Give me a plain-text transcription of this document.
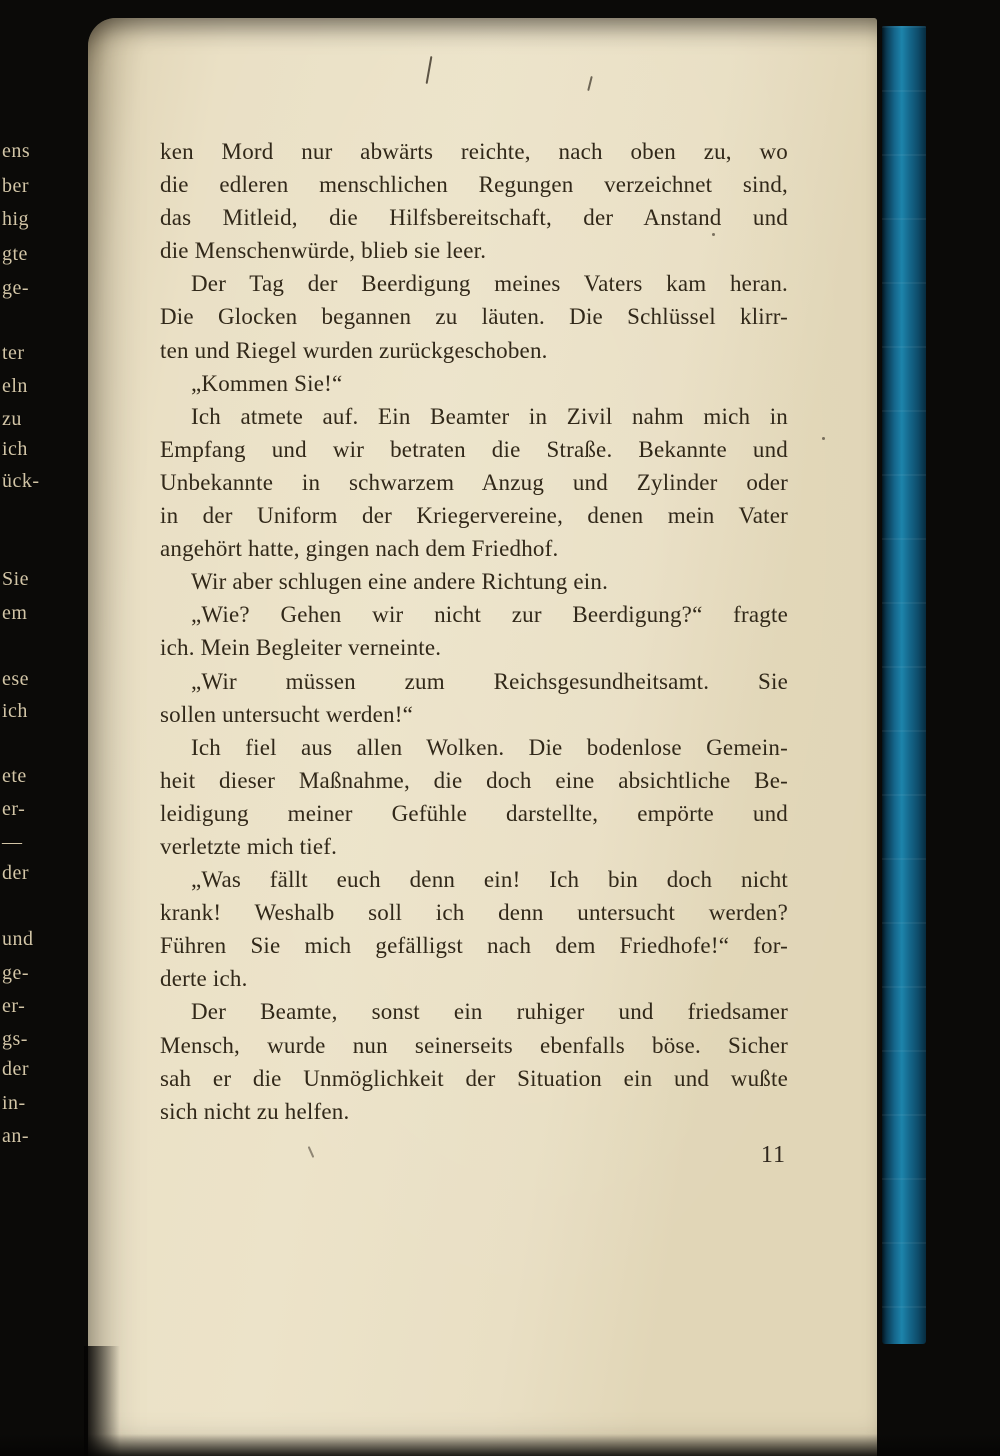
ens
ber
hig
gte
ge-
ter
eln
zu
ich
ück-
Sie
em
ese
ich
ete
er-
—
der
und
ge-
er-
gs-
der
in-
an-
ken Mord nur abwärts reichte, nach oben zu, wo
die edleren menschlichen Regungen verzeichnet sind,
das Mitleid, die Hilfsbereitschaft, der Anstand und
die Menschenwürde, blieb sie leer.
Der Tag der Beerdigung meines Vaters kam heran.
Die Glocken begannen zu läuten. Die Schlüssel klirr-
ten und Riegel wurden zurückgeschoben.
„Kommen Sie!“
Ich atmete auf. Ein Beamter in Zivil nahm mich in
Empfang und wir betraten die Straße. Bekannte und
Unbekannte in schwarzem Anzug und Zylinder oder
in der Uniform der Kriegervereine, denen mein Vater
angehört hatte, gingen nach dem Friedhof.
Wir aber schlugen eine andere Richtung ein.
„Wie? Gehen wir nicht zur Beerdigung?“ fragte
ich. Mein Begleiter verneinte.
„Wir müssen zum Reichsgesundheitsamt. Sie
sollen untersucht werden!“
Ich fiel aus allen Wolken. Die bodenlose Gemein-
heit dieser Maßnahme, die doch eine absichtliche Be-
leidigung meiner Gefühle darstellte, empörte und
verletzte mich tief.
„Was fällt euch denn ein! Ich bin doch nicht
krank! Weshalb soll ich denn untersucht werden?
Führen Sie mich gefälligst nach dem Friedhofe!“ for-
derte ich.
Der Beamte, sonst ein ruhiger und friedsamer
Mensch, wurde nun seinerseits ebenfalls böse. Sicher
sah er die Unmöglichkeit der Situation ein und wußte
sich nicht zu helfen.
11
